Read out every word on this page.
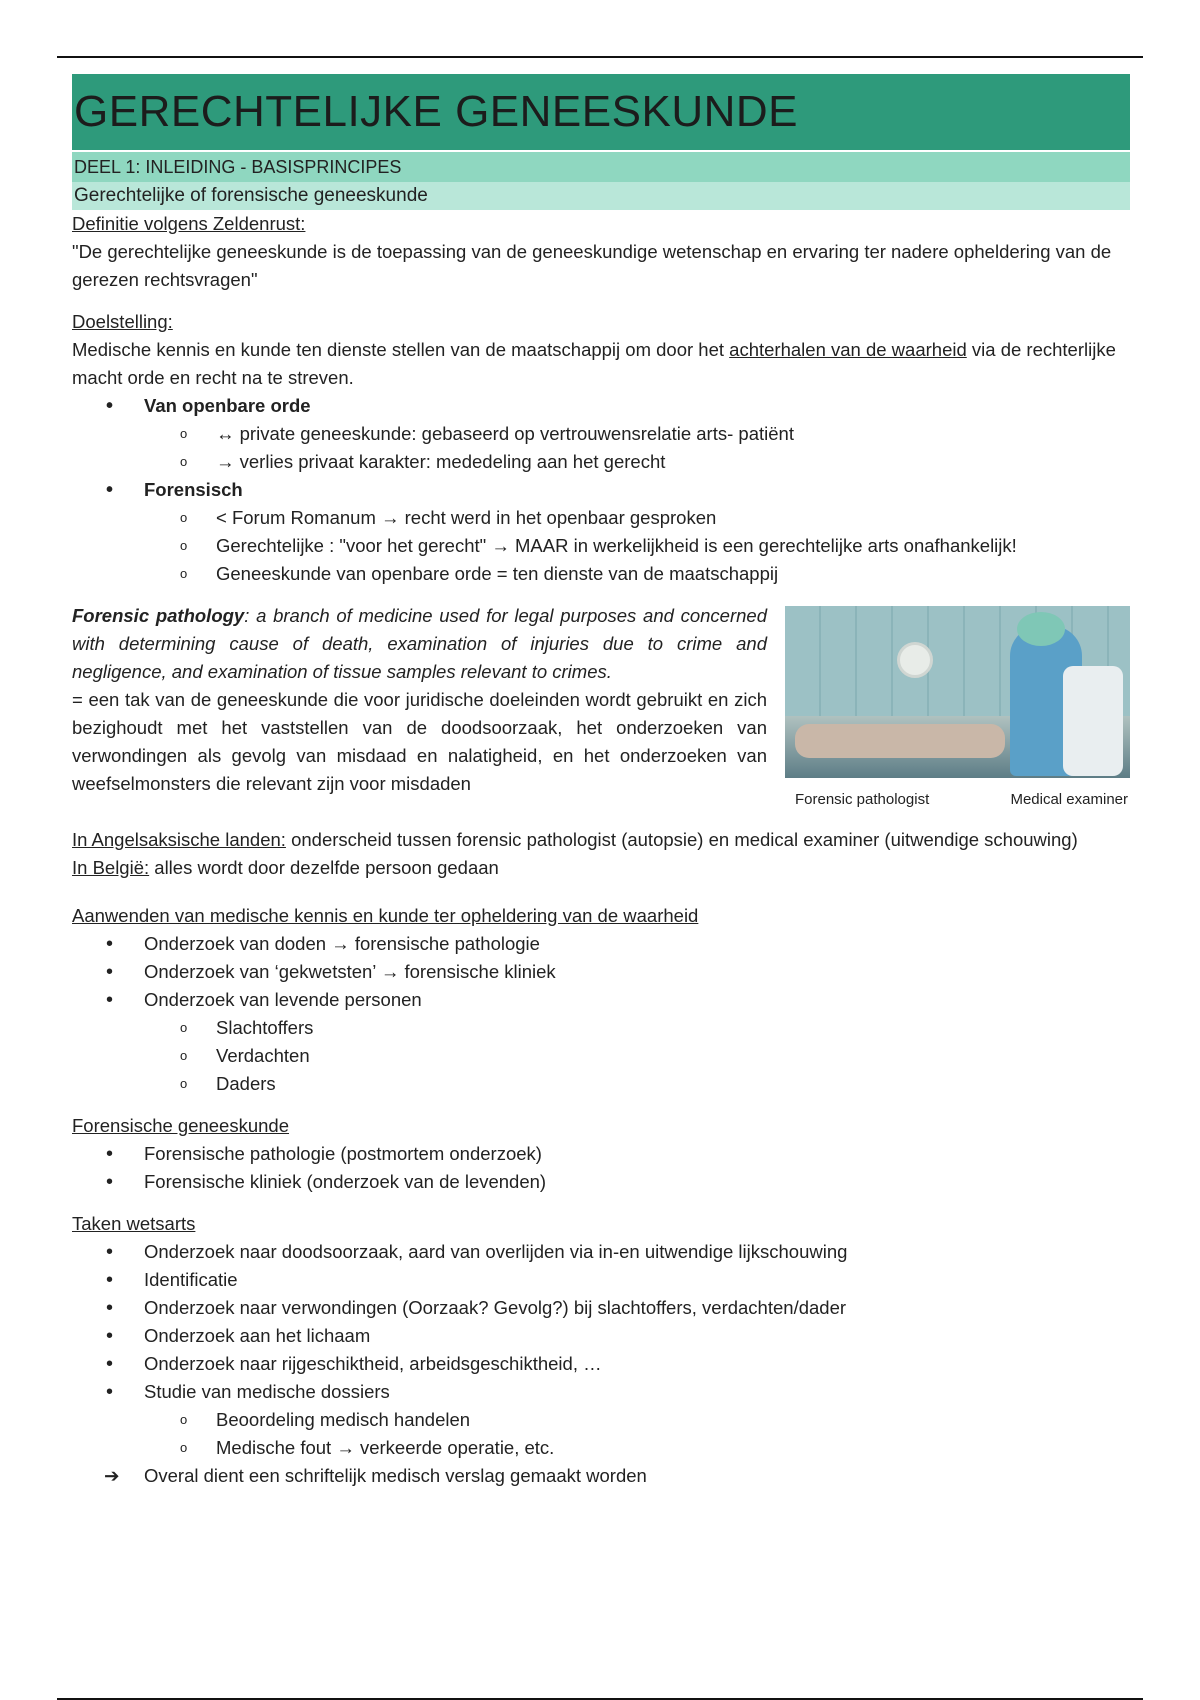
GERECHTELIJKE GENEESKUNDE
DEEL 1: INLEIDING - BASISPRINCIPES
Gerechtelijke of forensische geneeskunde

Definitie volgens Zeldenrust:

"De gerechtelijke geneeskunde is de toepassing van de geneeskundige wetenschap en ervaring ter nadere opheldering van de gerezen rechtsvragen"

Doelstelling:

Medische kennis en kunde ten dienste stellen van de maatschappij om door het achterhalen van de waarheid via de rechterlijke macht orde en recht na te streven.

• Van openbare orde
o ↔ private geneeskunde: gebaseerd op vertrouwensrelatie arts- patiënt
o → verlies privaat karakter: mededeling aan het gerecht
• Forensisch
o < Forum Romanum → recht werd in het openbaar gesproken
o Gerechtelijke : "voor het gerecht" → MAAR in werkelijkheid is een gerechtelijke arts onafhankelijk!
o Geneeskunde van openbare orde = ten dienste van de maatschappij
Forensic pathologist	Medical examiner

Forensic pathology: a branch of medicine used for legal purposes and concerned with determining cause of death, examination of injuries due to crime and negligence, and examination of tissue samples relevant to crimes.

= een tak van de geneeskunde die voor juridische doeleinden wordt gebruikt en zich bezighoudt met het vaststellen van de doodsoorzaak, het onderzoeken van verwondingen als gevolg van misdaad en nalatigheid, en het onderzoeken van weefselmonsters die relevant zijn voor misdaden

In Angelsaksische landen: onderscheid tussen forensic pathologist (autopsie) en medical examiner (uitwendige schouwing)

In België: alles wordt door dezelfde persoon gedaan

Aanwenden van medische kennis en kunde ter opheldering van de waarheid

• Onderzoek van doden → forensische pathologie
• Onderzoek van ‘gekwetsten’ → forensische kliniek
• Onderzoek van levende personen
o Slachtoffers
o Verdachten
o Daders

Forensische geneeskunde

• Forensische pathologie (postmortem onderzoek)
• Forensische kliniek (onderzoek van de levenden)

Taken wetsarts

• Onderzoek naar doodsoorzaak, aard van overlijden via in-en uitwendige lijkschouwing
• Identificatie
• Onderzoek naar verwondingen (Oorzaak? Gevolg?) bij slachtoffers, verdachten/dader
• Onderzoek aan het lichaam
• Onderzoek naar rijgeschiktheid, arbeidsgeschiktheid, …
• Studie van medische dossiers
o Beoordeling medisch handelen
o Medische fout → verkeerde operatie, etc.
➔ Overal dient een schriftelijk medisch verslag gemaakt worden
